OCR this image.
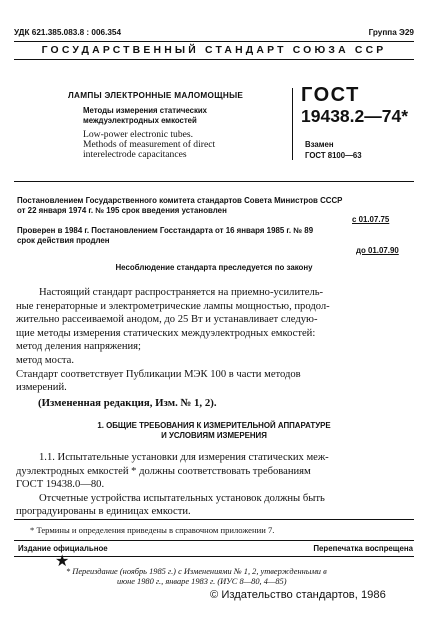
УДК 621.385.083.8 : 006.354	Группа Э29
ГОСУДАРСТВЕННЫЙ СТАНДАРТ СОЮЗА ССР
ЛАМПЫ ЭЛЕКТРОННЫЕ МАЛОМОЩНЫЕ
Методы измерения статических
междуэлектродных емкостей
Low-power electronic tubes.
Methods of measurement of direct
interelectrode capacitances
ГОСТ
19438.2—74*
Взамен
ГОСТ 8100—63
Постановлением Государственного комитета стандартов Совета Министров СССР
от 22 января 1974 г. № 195 срок введения установлен
с 01.07.75
Проверен в 1984 г. Постановлением Госстандарта от 16 января 1985 г. № 89
срок действия продлен
до 01.07.90
Несоблюдение стандарта преследуется по закону
Настоящий стандарт распространяется на приемно-усилитель-
ные генераторные и электрометрические лампы мощностью, продол-
жительно рассеиваемой анодом, до 25 Вт и устанавливает следую-
щие методы измерения статических междуэлектродных емкостей:
метод деления напряжения;
метод моста.
Стандарт соответствует Публикации МЭК 100 в части методов
измерений.
(Измененная редакция, Изм. № 1, 2).
1. ОБЩИЕ ТРЕБОВАНИЯ К ИЗМЕРИТЕЛЬНОЙ АППАРАТУРЕ
И УСЛОВИЯМ ИЗМЕРЕНИЯ
1.1. Испытательные установки для измерения статических меж-
дуэлектродных емкостей * должны соответствовать требованиям
ГОСТ 19438.0—80.
Отсчетные устройства испытательных установок должны быть
проградуированы в единицах емкости.
* Термины и определения приведены в справочном приложении 7.
Издание официальное	Перепечатка воспрещена
★
* Переиздание (ноябрь 1985 г.) с Изменениями № 1, 2, утвержденными в
июне 1980 г., январе 1983 г. (ИУС 8—80, 4—85)
© Издательство стандартов, 1986
